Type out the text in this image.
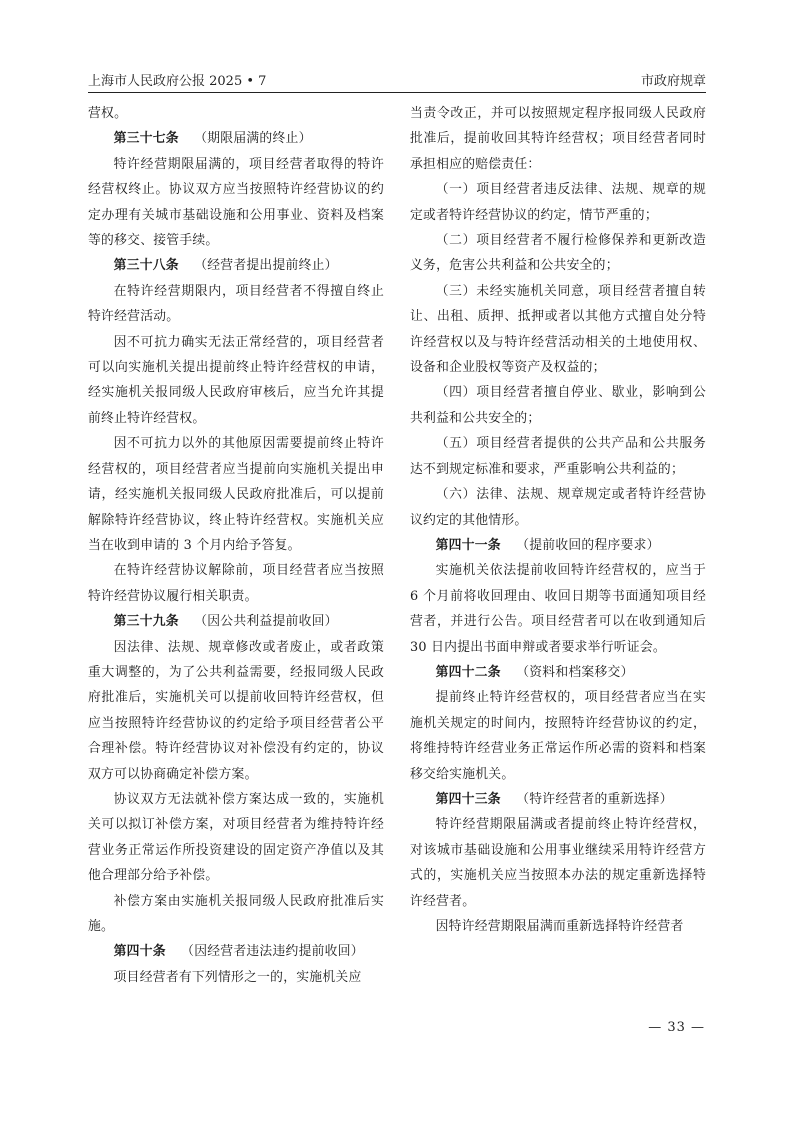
上海市人民政府公报 2025 • 7	市政府规章

营权。

第三十七条 （期限届满的终止）

特许经营期限届满的，项目经营者取得的特许经营权终止。协议双方应当按照特许经营协议的约定办理有关城市基础设施和公用事业、资料及档案等的移交、接管手续。

第三十八条 （经营者提出提前终止）

在特许经营期限内，项目经营者不得擅自终止特许经营活动。

因不可抗力确实无法正常经营的，项目经营者可以向实施机关提出提前终止特许经营权的申请，经实施机关报同级人民政府审核后，应当允许其提前终止特许经营权。

因不可抗力以外的其他原因需要提前终止特许经营权的，项目经营者应当提前向实施机关提出申请，经实施机关报同级人民政府批准后，可以提前解除特许经营协议，终止特许经营权。实施机关应当在收到申请的 3 个月内给予答复。

在特许经营协议解除前，项目经营者应当按照特许经营协议履行相关职责。

第三十九条 （因公共利益提前收回）

因法律、法规、规章修改或者废止，或者政策重大调整的，为了公共利益需要，经报同级人民政府批准后，实施机关可以提前收回特许经营权，但应当按照特许经营协议的约定给予项目经营者公平合理补偿。特许经营协议对补偿没有约定的，协议双方可以协商确定补偿方案。

协议双方无法就补偿方案达成一致的，实施机关可以拟订补偿方案，对项目经营者为维持特许经营业务正常运作所投资建设的固定资产净值以及其他合理部分给予补偿。

补偿方案由实施机关报同级人民政府批准后实施。

第四十条 （因经营者违法违约提前收回）

项目经营者有下列情形之一的，实施机关应

当责令改正，并可以按照规定程序报同级人民政府批准后，提前收回其特许经营权；项目经营者同时承担相应的赔偿责任：

（一）项目经营者违反法律、法规、规章的规定或者特许经营协议的约定，情节严重的；

（二）项目经营者不履行检修保养和更新改造义务，危害公共利益和公共安全的；

（三）未经实施机关同意，项目经营者擅自转让、出租、质押、抵押或者以其他方式擅自处分特许经营权以及与特许经营活动相关的土地使用权、设备和企业股权等资产及权益的；

（四）项目经营者擅自停业、歇业，影响到公共利益和公共安全的；

（五）项目经营者提供的公共产品和公共服务达不到规定标准和要求，严重影响公共利益的；

（六）法律、法规、规章规定或者特许经营协议约定的其他情形。

第四十一条 （提前收回的程序要求）

实施机关依法提前收回特许经营权的，应当于 6 个月前将收回理由、收回日期等书面通知项目经营者，并进行公告。项目经营者可以在收到通知后 30 日内提出书面申辩或者要求举行听证会。

第四十二条 （资料和档案移交）

提前终止特许经营权的，项目经营者应当在实施机关规定的时间内，按照特许经营协议的约定，将维持特许经营业务正常运作所必需的资料和档案移交给实施机关。

第四十三条 （特许经营者的重新选择）

特许经营期限届满或者提前终止特许经营权，对该城市基础设施和公用事业继续采用特许经营方式的，实施机关应当按照本办法的规定重新选择特许经营者。

因特许经营期限届满而重新选择特许经营者

— 33 —
